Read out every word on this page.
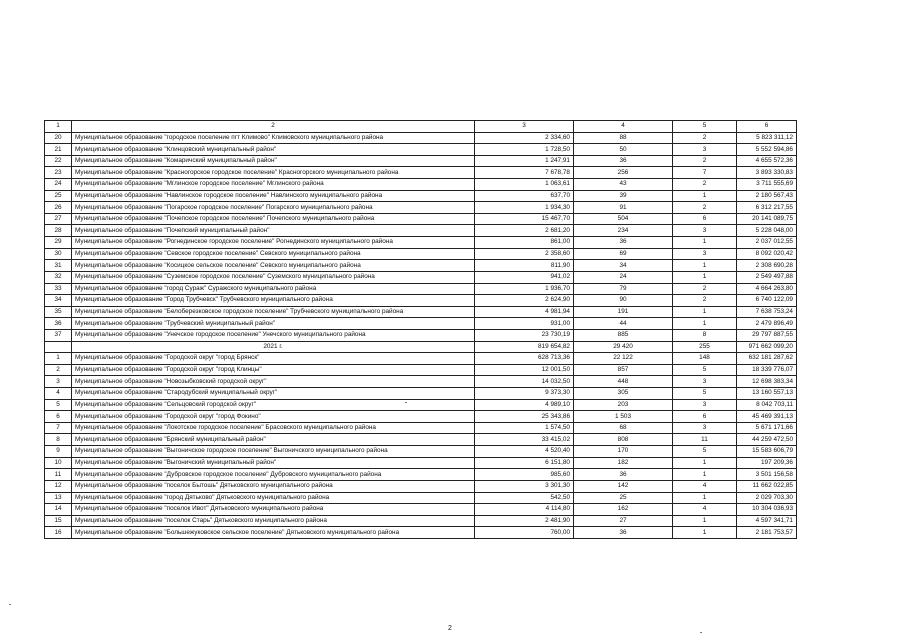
1	2	3	4	5	6
20	Муниципальное образование "городское поселение пгт Климово" Климовского муниципального района	2 334,60	88	2	5 823 311,12
21	Муниципальное образование "Клинцовский муниципальный район"	1 728,50	50	3	5 552 594,86
22	Муниципальное образование "Комаричский муниципальный район"	1 247,91	36	2	4 655 572,36
23	Муниципальное образование "Красногорское городское поселение" Красногорского муниципального района	7 678,78	256	7	3 893 330,83
24	Муниципальное образование "Мглинское городское поселение" Мглинского района	1 063,61	43	2	3 711 555,69
25	Муниципальное образование "Навлинское городское поселение" Навлинского муниципального района	637,70	39	1	2 180 567,43
26	Муниципальное образование "Погарское городское поселение" Погарского муниципального района	1 934,30	91	2	6 312 217,55
27	Муниципальное образование "Почепское городское поселение" Почепского муниципального района	15 467,70	504	6	20 141 089,75
28	Муниципальное образование "Почепский муниципальный район"	2 681,20	234	3	5 228 048,00
29	Муниципальное образование "Рогнединское городское поселение" Рогнединского муниципального района	861,00	36	1	2 037 012,55
30	Муниципальное образование "Севское городское поселение" Севского муниципального района	2 358,60	69	3	8 092 020,42
31	Муниципальное образование "Косицкое сельское поселение" Севского муниципального района	811,90	34	1	2 308 690,28
32	Муниципальное образование "Суземское городское поселение" Суземского муниципального района	941,02	24	1	2 549 497,88
33	Муниципальное образование "город Сураж" Суражского муниципального района	1 936,70	79	2	4 664 263,80
34	Муниципальное образование "Город Трубчевск" Трубчевского муниципального района	2 624,90	90	2	6 740 122,09
35	Муниципальное образование "Белоберезковское городское поселение" Трубчевского муниципального района	4 981,94	191	1	7 638 753,24
36	Муниципальное образование "Трубчевский муниципальный район"	931,00	44	1	2 479 896,49
37	Муниципальное образование "Унечское городское поселение" Унечского муниципального района	23 730,19	885	8	29 797 887,55
	2021 г.	819 654,82	29 420	255	971 662 099,20
1	Муниципальное образование "Городской округ "город Брянск"	628 713,36	22 122	148	632 181 287,62
2	Муниципальное образование "Городской округ "город Клинцы"	12 001,50	857	5	18 339 776,07
3	Муниципальное образование "Новозыбковский городской округ"	14 032,50	448	3	12 698 383,34
4	Муниципальное образование "Стародубский муниципальный округ"	9 373,30	305	5	13 160 557,13
5	Муниципальное образование "Сельцовский городской округ"	4 989,10	203	3	8 042 703,11
6	Муниципальное образование "Городской округ "город Фокино"	25 343,86	1 503	6	45 469 391,13
7	Муниципальное образование "Локотское городское поселение" Брасовского муниципального района	1 574,50	68	3	5 671 171,66
8	Муниципальное образование "Брянский муниципальный район"	33 415,02	808	11	44 259 472,50
9	Муниципальное образование "Выгоничское городское поселение" Выгоничского муниципального района	4 520,40	170	5	15 583 606,79
10	Муниципальное образование "Выгоничский муниципальный район"	6 151,80	182	1	197 209,36
11	Муниципальное образование "Дубровское городское поселение" Дубровского муниципального района	985,60	36	1	3 501 156,58
12	Муниципальное образование "поселок Бытошь" Дятьковского муниципального района	3 301,30	142	4	11 662 022,85
13	Муниципальное образование "город Дятьково" Дятьковского муниципального района	542,50	25	1	2 029 703,30
14	Муниципальное образование "поселок Ивот" Дятьковского муниципального района	4 114,80	162	4	10 304 036,93
15	Муниципальное образование "поселок Старь" Дятьковского муниципального района	2 481,90	27	1	4 597 341,71
16	Муниципальное образование "Большежуковское сельское поселение" Дятьковского муниципального района	760,00	36	1	2 181 753,57
2
